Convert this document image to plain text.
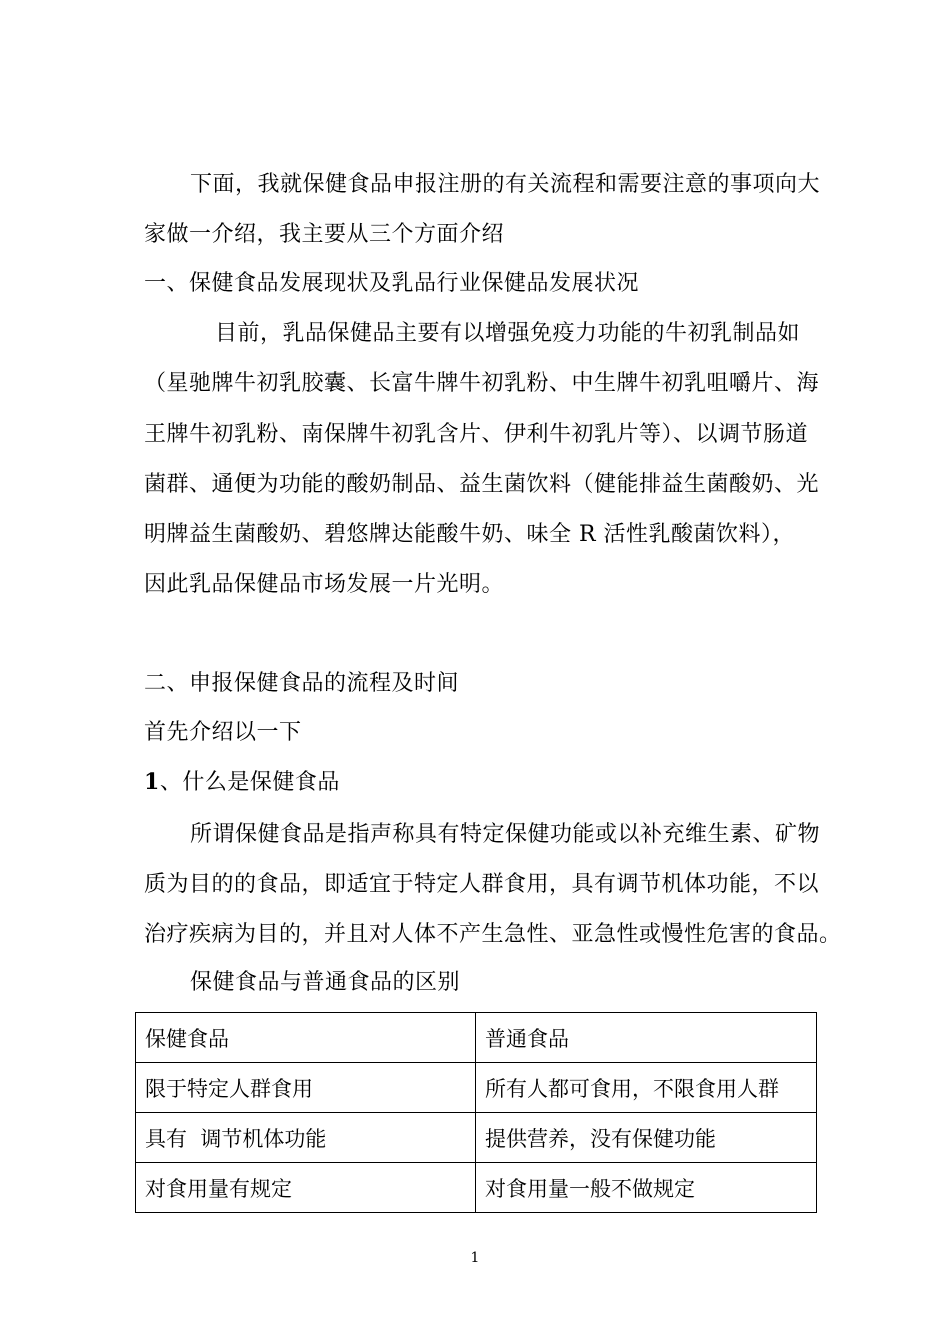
下面，我就保健食品申报注册的有关流程和需要注意的事项向大
家做一介绍，我主要从三个方面介绍
一、保健食品发展现状及乳品行业保健品发展状况
目前，乳品保健品主要有以增强免疫力功能的牛初乳制品如
（星驰牌牛初乳胶囊、长富牛牌牛初乳粉、中生牌牛初乳咀嚼片、海
王牌牛初乳粉、南保牌牛初乳含片、伊利牛初乳片等）、以调节肠道
菌群、通便为功能的酸奶制品、益生菌饮料（健能排益生菌酸奶、光
明牌益生菌酸奶、碧悠牌达能酸牛奶、味全 R 活性乳酸菌饮料），
因此乳品保健品市场发展一片光明。
二、申报保健食品的流程及时间
首先介绍以一下
1、什么是保健食品
所谓保健食品是指声称具有特定保健功能或以补充维生素、矿物
质为目的的食品，即适宜于特定人群食用，具有调节机体功能，不以
治疗疾病为目的，并且对人体不产生急性、亚急性或慢性危害的食品。
保健食品与普通食品的区别
保健食品	普通食品
限于特定人群食用	所有人都可食用，不限食用人群
具有  调节机体功能	提供营养，没有保健功能
对食用量有规定	对食用量一般不做规定
1
